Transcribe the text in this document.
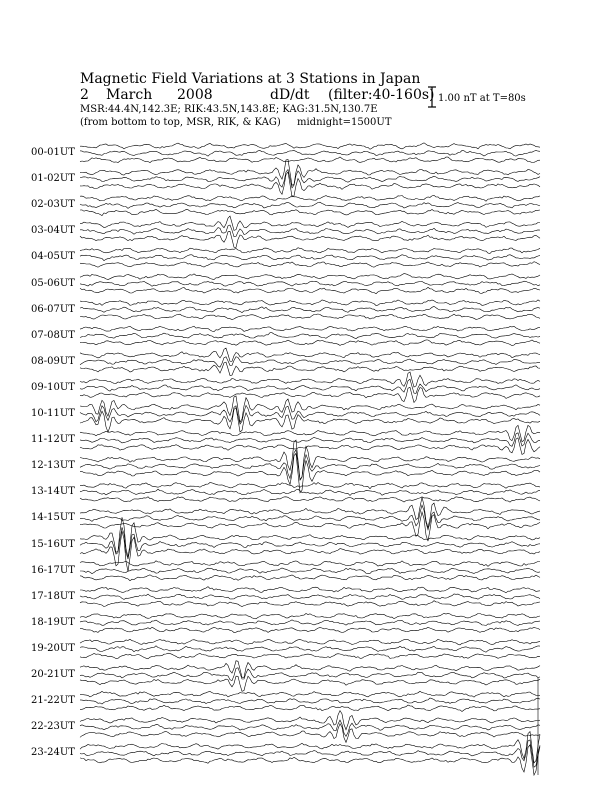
Magnetic Field Variations at 3 Stations in Japan
2 March 2008	dD/dt (filter:40-160s)
MSR:44.4N,142.3E; RIK:43.5N,143.8E; KAG:31.5N,130.7E
(from bottom to top, MSR, RIK, & KAG) midnight=1500UT
1.00 nT at T=80s
00-01UT
01-02UT
02-03UT
03-04UT
04-05UT
05-06UT
06-07UT
07-08UT
08-09UT
09-10UT
10-11UT
11-12UT
12-13UT
13-14UT
14-15UT
15-16UT
16-17UT
17-18UT
18-19UT
19-20UT
20-21UT
21-22UT
22-23UT
23-24UT
